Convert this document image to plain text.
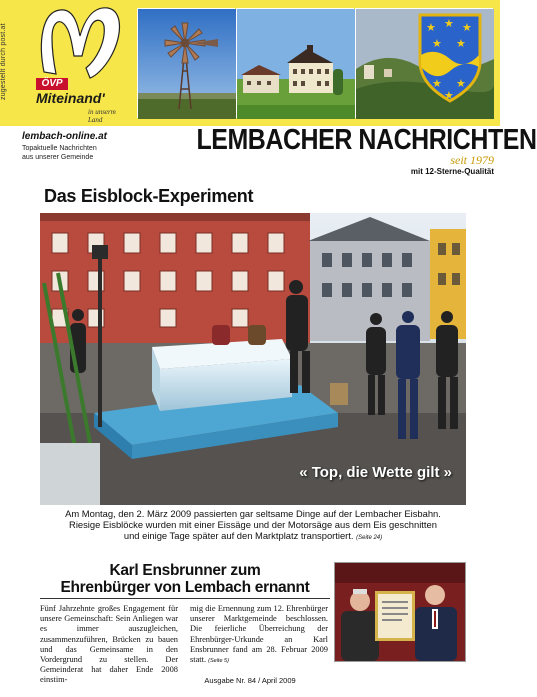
zugestellt durch post.at	ÖVP
Miteinand'
in unserm Land
★ ★ ★
★ ★
★ ★
★
lembach-online.at
Topaktuelle Nachrichten
aus unserer Gemeinde
LEMBACHER NACHRICHTEN
seit 1979
mit 12-Sterne-Qualität
Das Eisblock-Experiment
« Top, die Wette gilt »
Am Montag, den 2. März 2009 passierten gar seltsame Dinge auf der Lembacher Eisbahn.
Riesige Eisblöcke wurden mit einer Eissäge und der Motorsäge aus dem Eis geschnitten
und einige Tage später auf den Marktplatz transportiert. (Seite 24)
Karl Ensbrunner zum
Ehrenbürger von Lembach ernannt
Fünf Jahrzehnte großes Engagement für unsere Gemeinschaft: Sein Anliegen war es immer auszugleichen, zusammenzuführen, Brücken zu bauen und das Gemeinsame in den Vordergrund zu stellen. Der Gemeinderat hat daher Ende 2008 einstim-
mig die Ernennung zum 12. Ehrenbürger unserer Marktgemeinde beschlossen. Die feierliche Überreichung der Ehrenbürger-Urkunde an Karl Ensbrunner fand am 28. Februar 2009 statt. (Seite 5)
Ausgabe Nr. 84 / April 2009
